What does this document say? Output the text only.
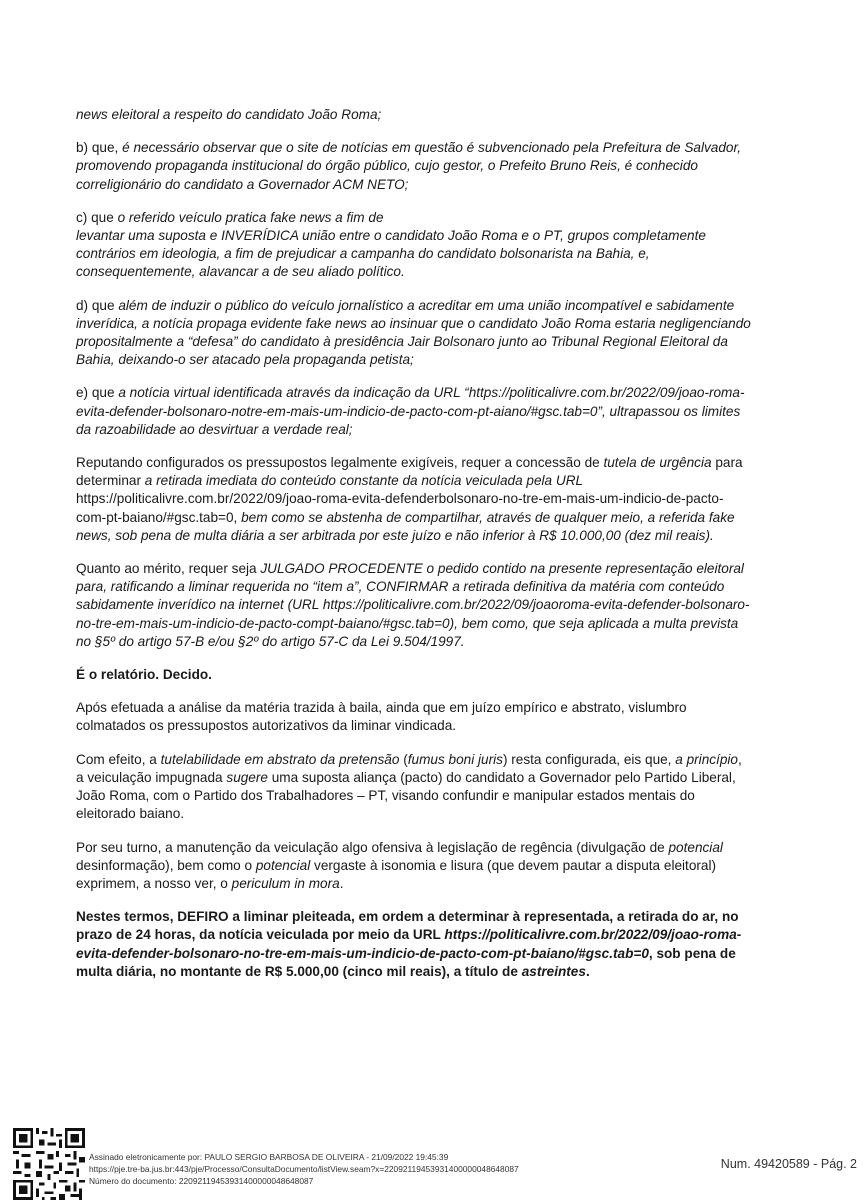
news eleitoral a respeito do candidato João Roma;

b) que, é necessário observar que o site de notícias em questão é subvencionado pela Prefeitura de Salvador, promovendo propaganda institucional do órgão público, cujo gestor, o Prefeito Bruno Reis, é conhecido correligionário do candidato a Governador ACM NETO;

c) que o referido veículo pratica fake news a fim de
levantar uma suposta e INVERÍDICA união entre o candidato João Roma e o PT, grupos completamente contrários em ideologia, a fim de prejudicar a campanha do candidato bolsonarista na Bahia, e, consequentemente, alavancar a de seu aliado político.

d) que além de induzir o público do veículo jornalístico a acreditar em uma união incompatível e sabidamente inverídica, a notícia propaga evidente fake news ao insinuar que o candidato João Roma estaria negligenciando propositalmente a “defesa” do candidato à presidência Jair Bolsonaro junto ao Tribunal Regional Eleitoral da Bahia, deixando-o ser atacado pela propaganda petista;

e) que a notícia virtual identificada através da indicação da URL “https://politicalivre.com.br/2022/09/joao-roma-evita-defender-bolsonaro-notre-em-mais-um-indicio-de-pacto-com-pt-aiano/#gsc.tab=0”, ultrapassou os limites da razoabilidade ao desvirtuar a verdade real;

Reputando configurados os pressupostos legalmente exigíveis, requer a concessão de tutela de urgência para determinar a retirada imediata do conteúdo constante da notícia veiculada pela URL https://politicalivre.com.br/2022/09/joao-roma-evita-defenderbolsonaro-no-tre-em-mais-um-indicio-de-pacto-com-pt-baiano/#gsc.tab=0, bem como se abstenha de compartilhar, através de qualquer meio, a referida fake news, sob pena de multa diária a ser arbitrada por este juízo e não inferior à R$ 10.000,00 (dez mil reais).

Quanto ao mérito, requer seja JULGADO PROCEDENTE o pedido contido na presente representação eleitoral para, ratificando a liminar requerida no “item a”, CONFIRMAR a retirada definitiva da matéria com conteúdo sabidamente inverídico na internet (URL https://politicalivre.com.br/2022/09/joaoroma-evita-defender-bolsonaro-no-tre-em-mais-um-indicio-de-pacto-compt-baiano/#gsc.tab=0), bem como, que seja aplicada a multa prevista no §5º do artigo 57-B e/ou §2º do artigo 57-C da Lei 9.504/1997.

É o relatório. Decido.

Após efetuada a análise da matéria trazida à baila, ainda que em juízo empírico e abstrato, vislumbro colmatados os pressupostos autorizativos da liminar vindicada.

Com efeito, a tutelabilidade em abstrato da pretensão (fumus boni juris) resta configurada, eis que, a princípio, a veiculação impugnada sugere uma suposta aliança (pacto) do candidato a Governador pelo Partido Liberal, João Roma, com o Partido dos Trabalhadores – PT, visando confundir e manipular estados mentais do eleitorado baiano.

Por seu turno, a manutenção da veiculação algo ofensiva à legislação de regência (divulgação de potencial desinformação), bem como o potencial vergaste à isonomia e lisura (que devem pautar a disputa eleitoral) exprimem, a nosso ver, o periculum in mora.

Nestes termos, DEFIRO a liminar pleiteada, em ordem a determinar à representada, a retirada do ar, no prazo de 24 horas, da notícia veiculada por meio da URL https://politicalivre.com.br/2022/09/joao-roma-evita-defender-bolsonaro-no-tre-em-mais-um-indicio-de-pacto-com-pt-baiano/#gsc.tab=0, sob pena de multa diária, no montante de R$ 5.000,00 (cinco mil reais), a título de astreintes.

Assinado eletronicamente por: PAULO SERGIO BARBOSA DE OLIVEIRA - 21/09/2022 19:45:39
https://pje.tre-ba.jus.br:443/pje/Processo/ConsultaDocumento/listView.seam?x=22092119453931400000048648087
Número do documento: 22092119453931400000048648087
Num. 49420589 - Pág. 2
